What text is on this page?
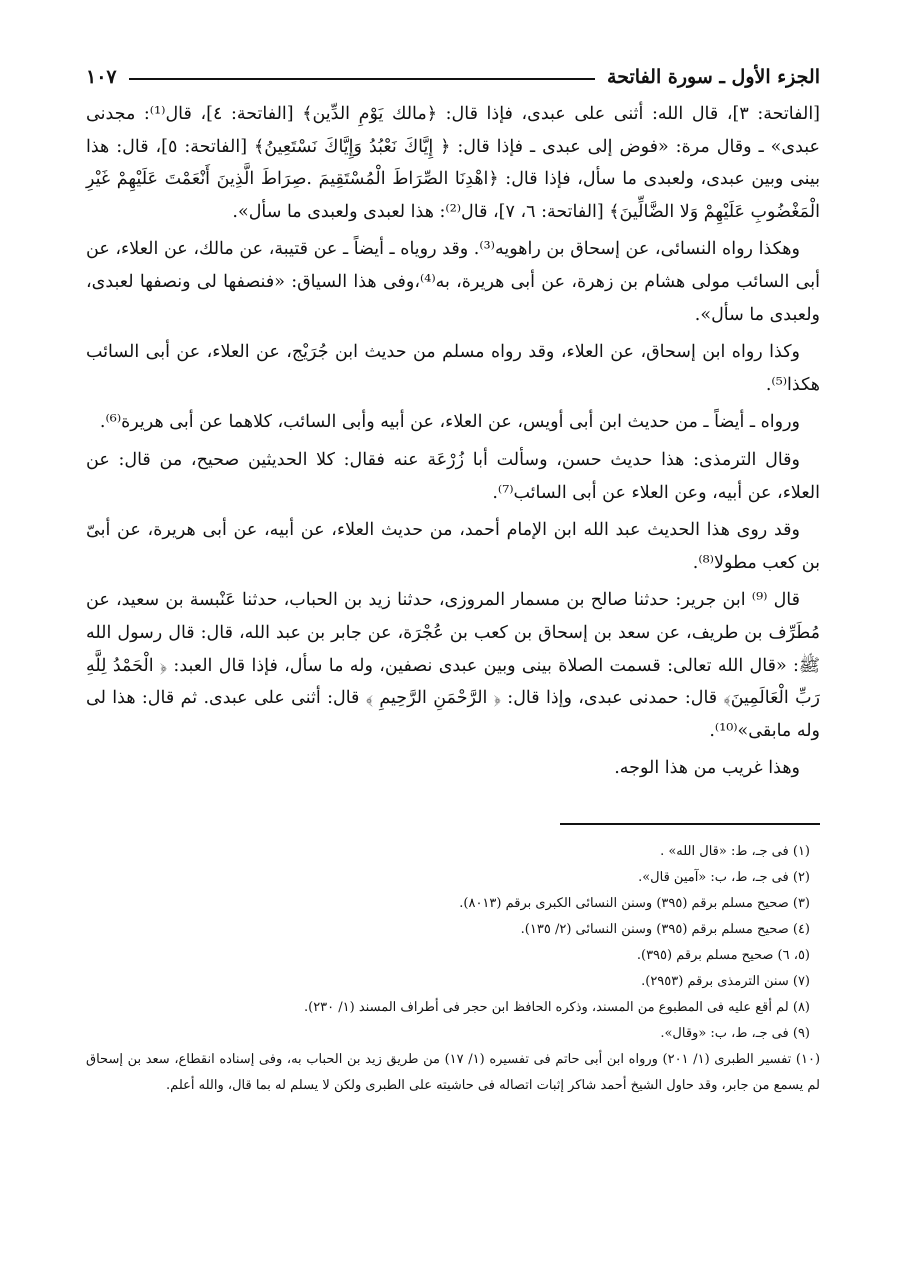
الجزء الأول ـ سورة الفاتحة
١٠٧

[الفاتحة: ٣]، قال الله: أثنى على عبدى، فإذا قال: ﴿مالك يَوْمِ الدِّين﴾ [الفاتحة: ٤]، قال⁽¹⁾: مجدنى عبدى» ـ وقال مرة: «فوض إلى عبدى ـ فإذا قال: ﴿ إِيَّاكَ نَعْبُدُ وَإِيَّاكَ نَسْتَعِينُ﴾ [الفاتحة: ٥]، قال: هذا بينى وبين عبدى، ولعبدى ما سأل، فإذا قال: ﴿اهْدِنَا الصِّرَاطَ الْمُسْتَقِيمَ .صِرَاطَ الَّذِينَ أَنْعَمْتَ عَلَيْهِمْ غَيْرِ الْمَغْضُوبِ عَلَيْهِمْ وَلا الضَّالِّينَ﴾ [الفاتحة: ٦، ٧]، قال⁽²⁾: هذا لعبدى ولعبدى ما سأل».

وهكذا رواه النسائى، عن إسحاق بن راهويه⁽³⁾. وقد روياه ـ أيضاً ـ عن قتيبة، عن مالك، عن العلاء، عن أبى السائب مولى هشام بن زهرة، عن أبى هريرة، به⁽⁴⁾،وفى هذا السياق: «فنصفها لى ونصفها لعبدى، ولعبدى ما سأل».

وكذا رواه ابن إسحاق، عن العلاء، وقد رواه مسلم من حديث ابن جُرَيْج، عن العلاء، عن أبى السائب هكذا⁽⁵⁾.

ورواه ـ أيضاً ـ من حديث ابن أبى أويس، عن العلاء، عن أبيه وأبى السائب، كلاهما عن أبى هريرة⁽⁶⁾.

وقال الترمذى: هذا حديث حسن، وسألت أبا زُرْعَة عنه فقال: كلا الحديثين صحيح، من قال: عن العلاء، عن أبيه، وعن العلاء عن أبى السائب⁽⁷⁾.

وقد روى هذا الحديث عبد الله ابن الإمام أحمد، من حديث العلاء، عن أبيه، عن أبى هريرة، عن أبىّ بن كعب مطولا⁽⁸⁾.

قال ⁽⁹⁾ ابن جرير: حدثنا صالح بن مسمار المروزى، حدثنا زيد بن الحباب، حدثنا عَنْبسة بن سعيد، عن مُطَرِّف بن طريف، عن سعد بن إسحاق بن كعب بن عُجْرَة، عن جابر بن عبد الله، قال: قال رسول الله ﷺ: «قال الله تعالى: قسمت الصلاة بينى وبين عبدى نصفين، وله ما سأل، فإذا قال العبد: ﴿ الْحَمْدُ لِلَّهِ رَبِّ الْعَالَمِينَ﴾ قال: حمدنى عبدى، وإذا قال: ﴿ الرَّحْمَنِ الرَّحِيمِ ﴾ قال: أثنى على عبدى. ثم قال: هذا لى وله مابقى»⁽¹⁰⁾.

وهذا غريب من هذا الوجه.

(١) فى جـ، ط: «قال الله» .

(٢) فى جـ، ط، ب: «آمين قال».

(٣) صحيح مسلم برقم (٣٩٥) وسنن النسائى الكبرى برقم (٨٠١٣).

(٤) صحيح مسلم برقم (٣٩٥) وسنن النسائى (٢/ ١٣٥).

(٥، ٦) صحيح مسلم برقم (٣٩٥).

(٧) سنن الترمذى برقم (٢٩٥٣).

(٨) لم أقع عليه فى المطبوع من المسند، وذكره الحافظ ابن حجر فى أطراف المسند (١/ ٢٣٠).

(٩) فى جـ، ط، ب: «وقال».

(١٠) تفسير الطبرى (١/ ٢٠١) ورواه ابن أبى حاتم فى تفسيره (١/ ١٧) من طريق زيد بن الحباب به، وفى إسناده انقطاع، سعد بن إسحاق لم يسمع من جابر، وقد حاول الشيخ أحمد شاكر إثبات اتصاله فى حاشيته على الطبرى ولكن لا يسلم له بما قال، والله أعلم.
